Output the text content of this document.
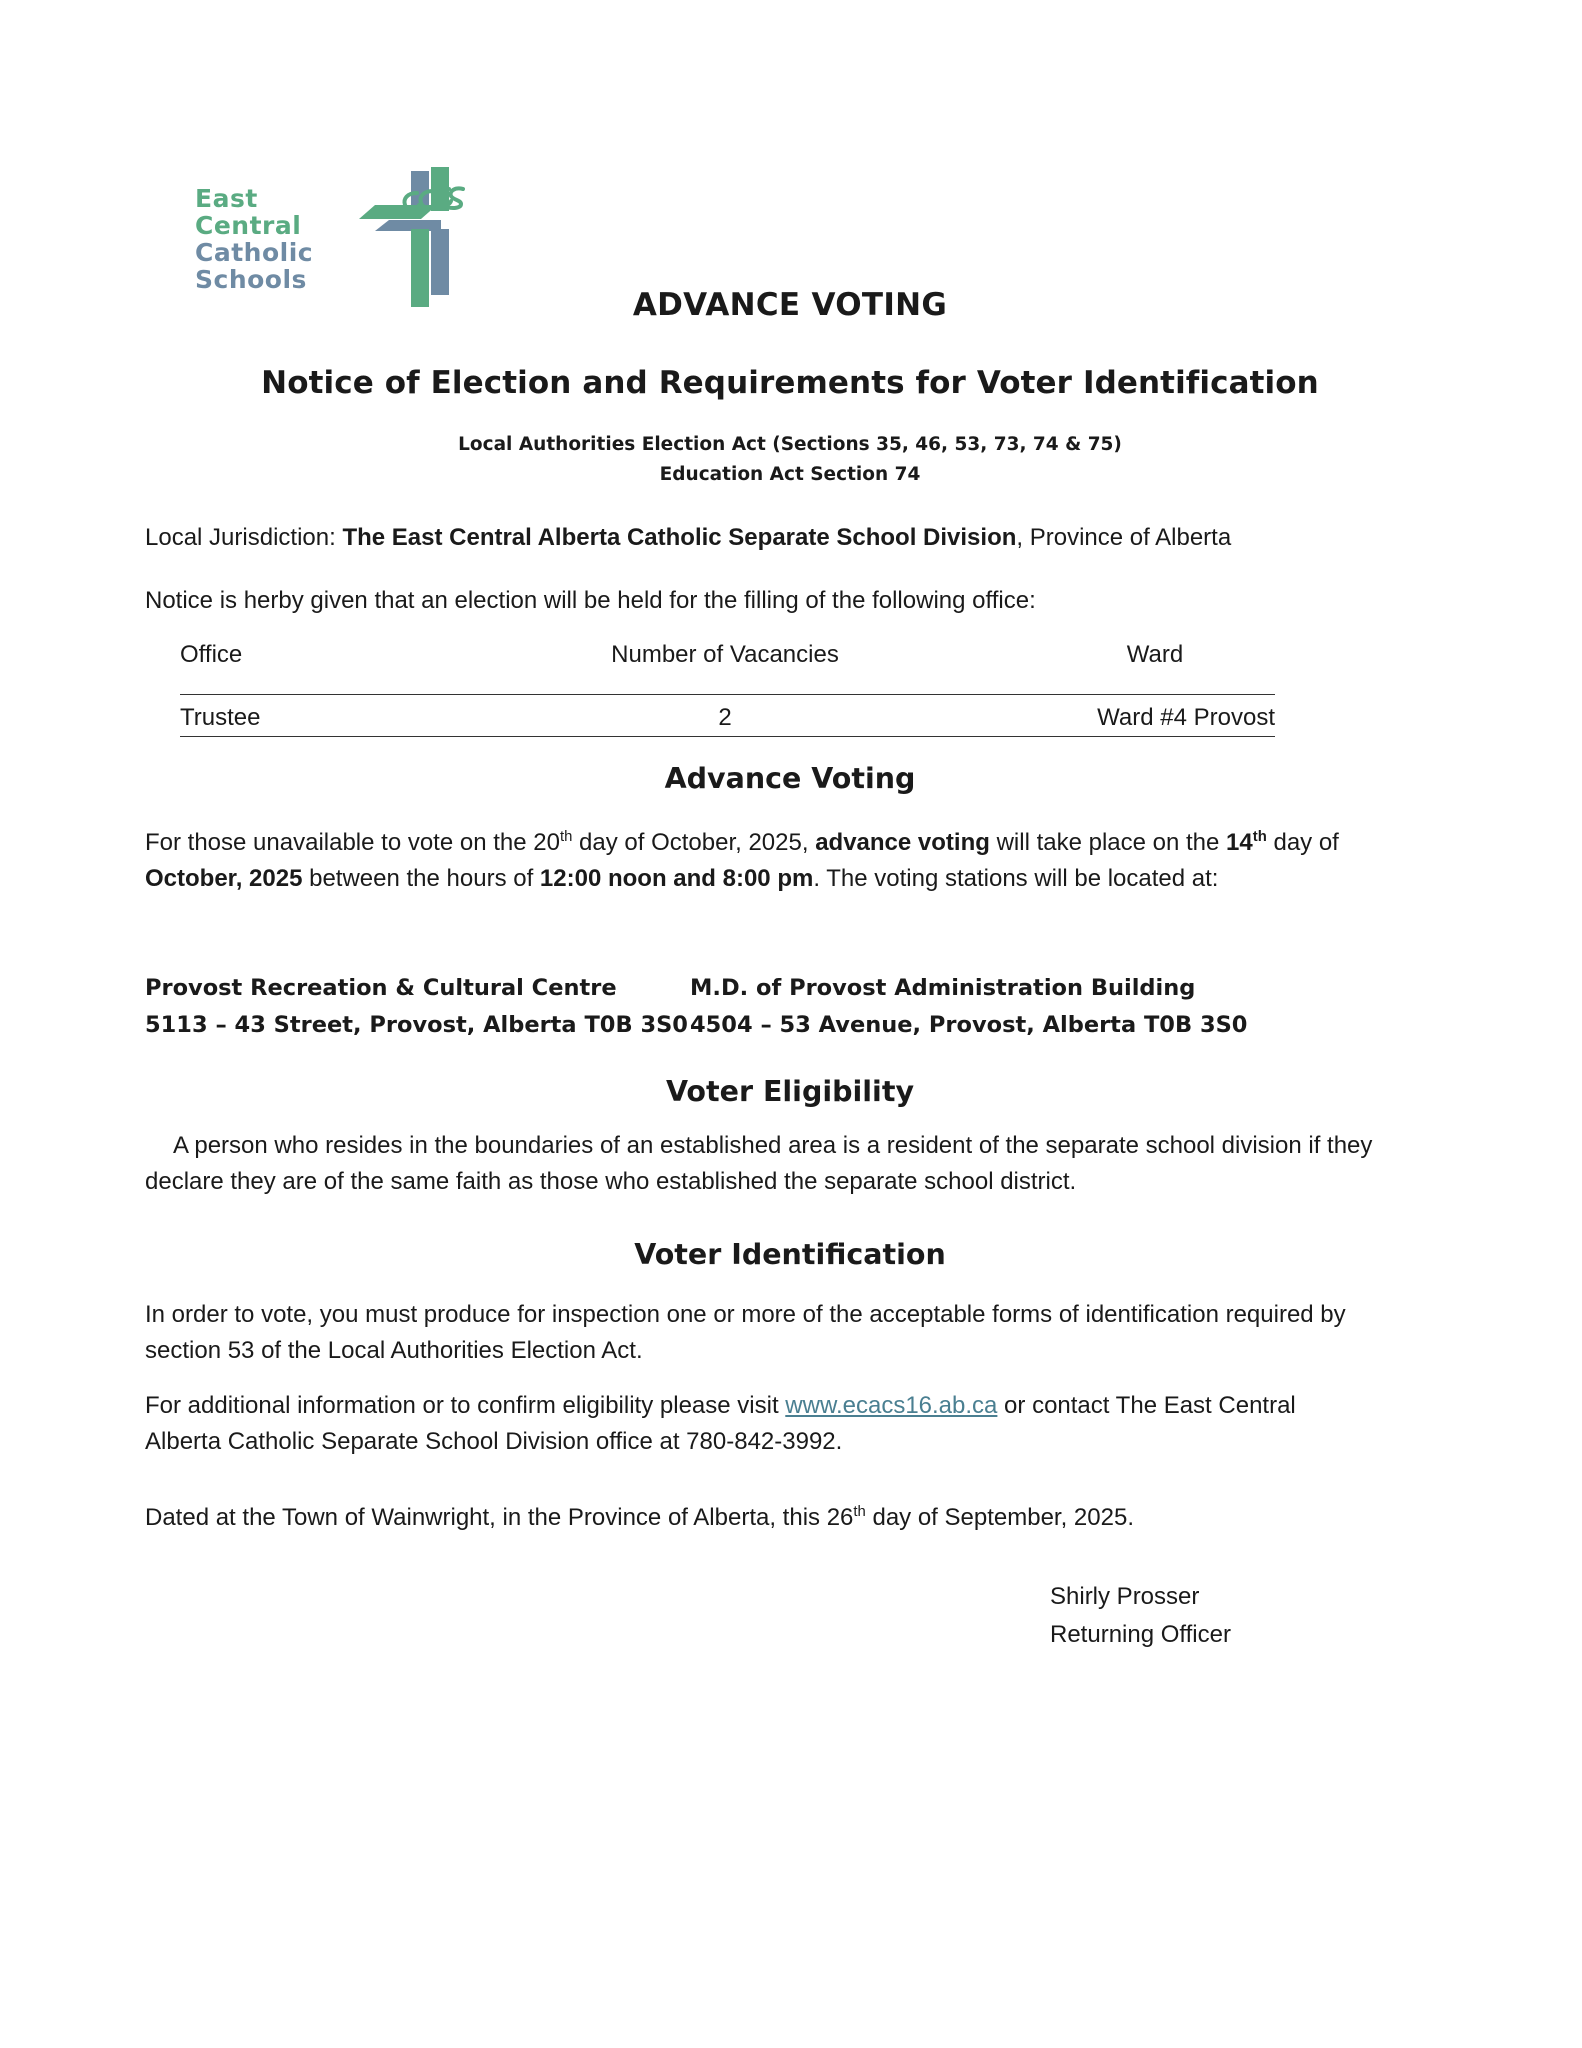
East
Central
Catholic
Schools
ADVANCE VOTING
Notice of Election and Requirements for Voter Identification
Local Authorities Election Act (Sections 35, 46, 53, 73, 74 & 75)
Education Act Section 74
Local Jurisdiction: The East Central Alberta Catholic Separate School Division, Province of Alberta
Notice is herby given that an election will be held for the filling of the following office:
Office	Number of Vacancies	Ward
Trustee	2	Ward #4 Provost
Advance Voting
For those unavailable to vote on the 20th day of October, 2025, advance voting will take place on the 14th day of October, 2025 between the hours of 12:00 noon and 8:00 pm. The voting stations will be located at:
Provost Recreation & Cultural Centre
5113 – 43 Street, Provost, Alberta T0B 3S0
M.D. of Provost Administration Building
4504 – 53 Avenue, Provost, Alberta T0B 3S0
Voter Eligibility
A person who resides in the boundaries of an established area is a resident of the separate school division if they declare they are of the same faith as those who established the separate school district.
Voter Identification
In order to vote, you must produce for inspection one or more of the acceptable forms of identification required by section 53 of the Local Authorities Election Act.
For additional information or to confirm eligibility please visit www.ecacs16.ab.ca or contact The East Central Alberta Catholic Separate School Division office at 780-842-3992.
Dated at the Town of Wainwright, in the Province of Alberta, this 26th day of September, 2025.
Shirly Prosser
Returning Officer
